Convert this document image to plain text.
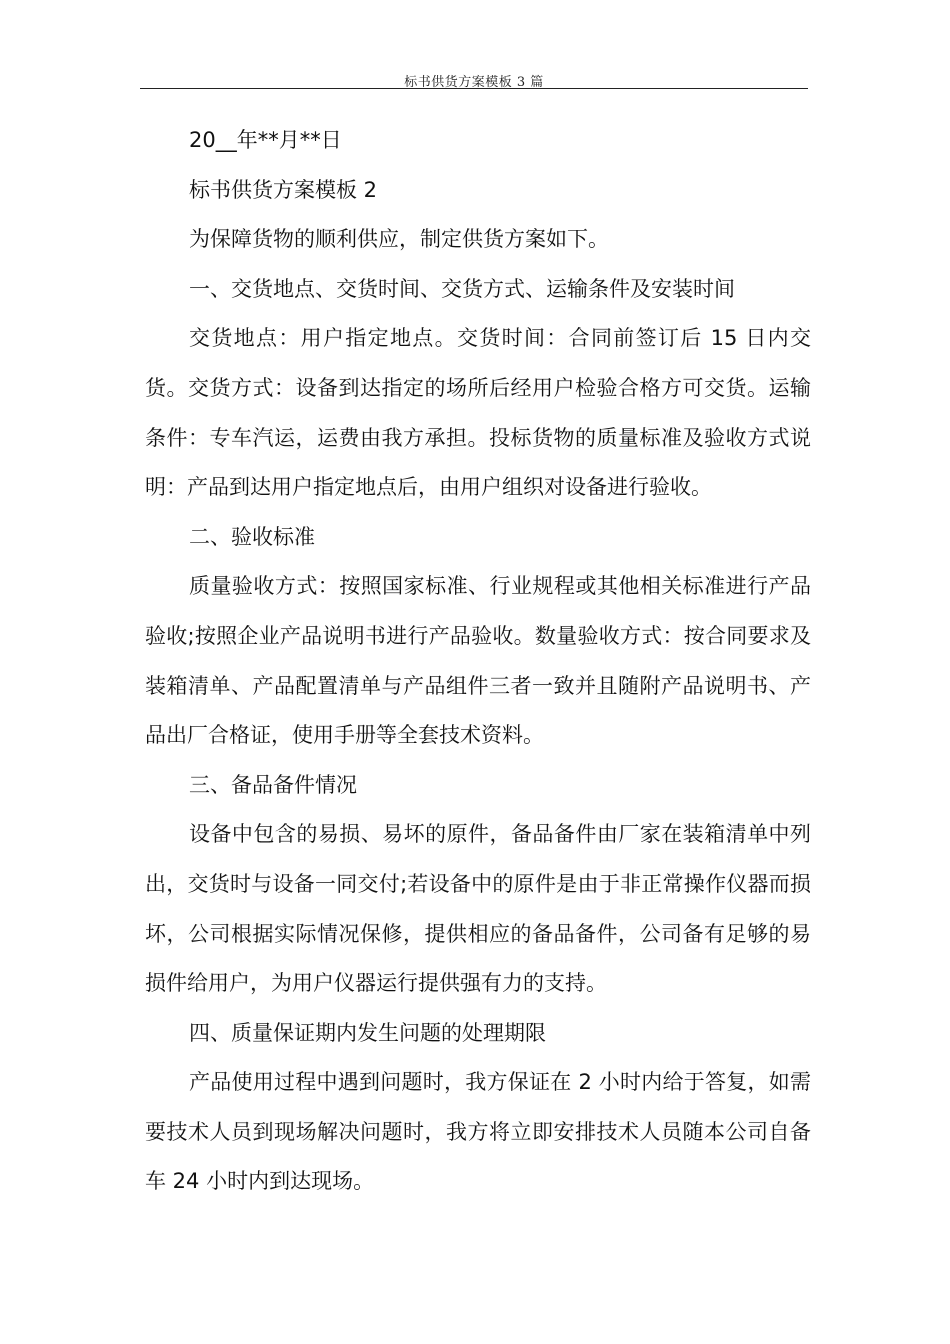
标书供货方案模板 3 篇

20__年**月**日

标书供货方案模板 2

为保障货物的顺利供应，制定供货方案如下。

一、交货地点、交货时间、交货方式、运输条件及安装时间

交货地点：用户指定地点。交货时间：合同前签订后 15 日内交货。交货方式：设备到达指定的场所后经用户检验合格方可交货。运输条件：专车汽运，运费由我方承担。投标货物的质量标准及验收方式说明：产品到达用户指定地点后，由用户组织对设备进行验收。

二、验收标准

质量验收方式：按照国家标准、行业规程或其他相关标准进行产品验收;按照企业产品说明书进行产品验收。数量验收方式：按合同要求及装箱清单、产品配置清单与产品组件三者一致并且随附产品说明书、产品出厂合格证，使用手册等全套技术资料。

三、备品备件情况

设备中包含的易损、易坏的原件，备品备件由厂家在装箱清单中列出，交货时与设备一同交付;若设备中的原件是由于非正常操作仪器而损坏，公司根据实际情况保修，提供相应的备品备件，公司备有足够的易损件给用户，为用户仪器运行提供强有力的支持。

四、质量保证期内发生问题的处理期限

产品使用过程中遇到问题时，我方保证在 2 小时内给于答复，如需要技术人员到现场解决问题时，我方将立即安排技术人员随本公司自备车 24 小时内到达现场。
